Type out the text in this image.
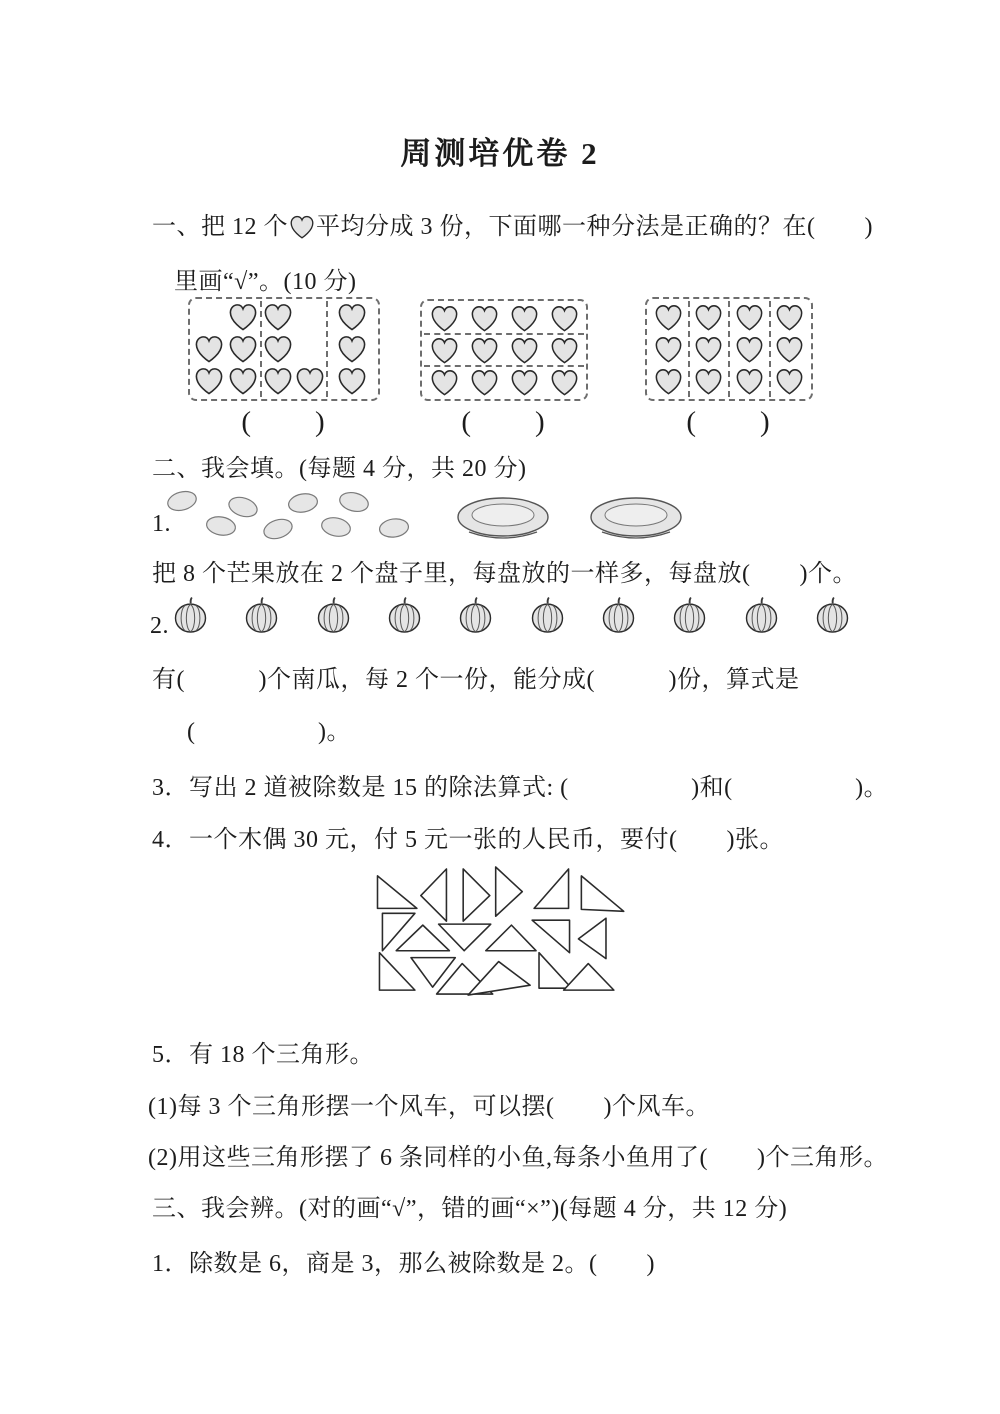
周测培优卷 2
一、把 12 个 平均分成 3 份，下面哪一种分法是正确的？在(　　)
里画“√”。(10 分)
(　　)	(　　)	(　　)
二、我会填。(每题 4 分，共 20 分)
1.
把 8 个芒果放在 2 个盘子里，每盘放的一样多，每盘放(　　)个。
2.
有(　　　)个南瓜，每 2 个一份，能分成(　　　)份，算式是
(　　　　　)。
3．写出 2 道被除数是 15 的除法算式: (　　　　　)和(　　　　　)。
4．一个木偶 30 元，付 5 元一张的人民币，要付(　　)张。
5．有 18 个三角形。
(1)每 3 个三角形摆一个风车，可以摆(　　)个风车。
(2)用这些三角形摆了 6 条同样的小鱼,每条小鱼用了(　　)个三角形。
三、我会辨。(对的画“√”，错的画“×”)(每题 4 分，共 12 分)
1．除数是 6，商是 3，那么被除数是 2。(　　)
